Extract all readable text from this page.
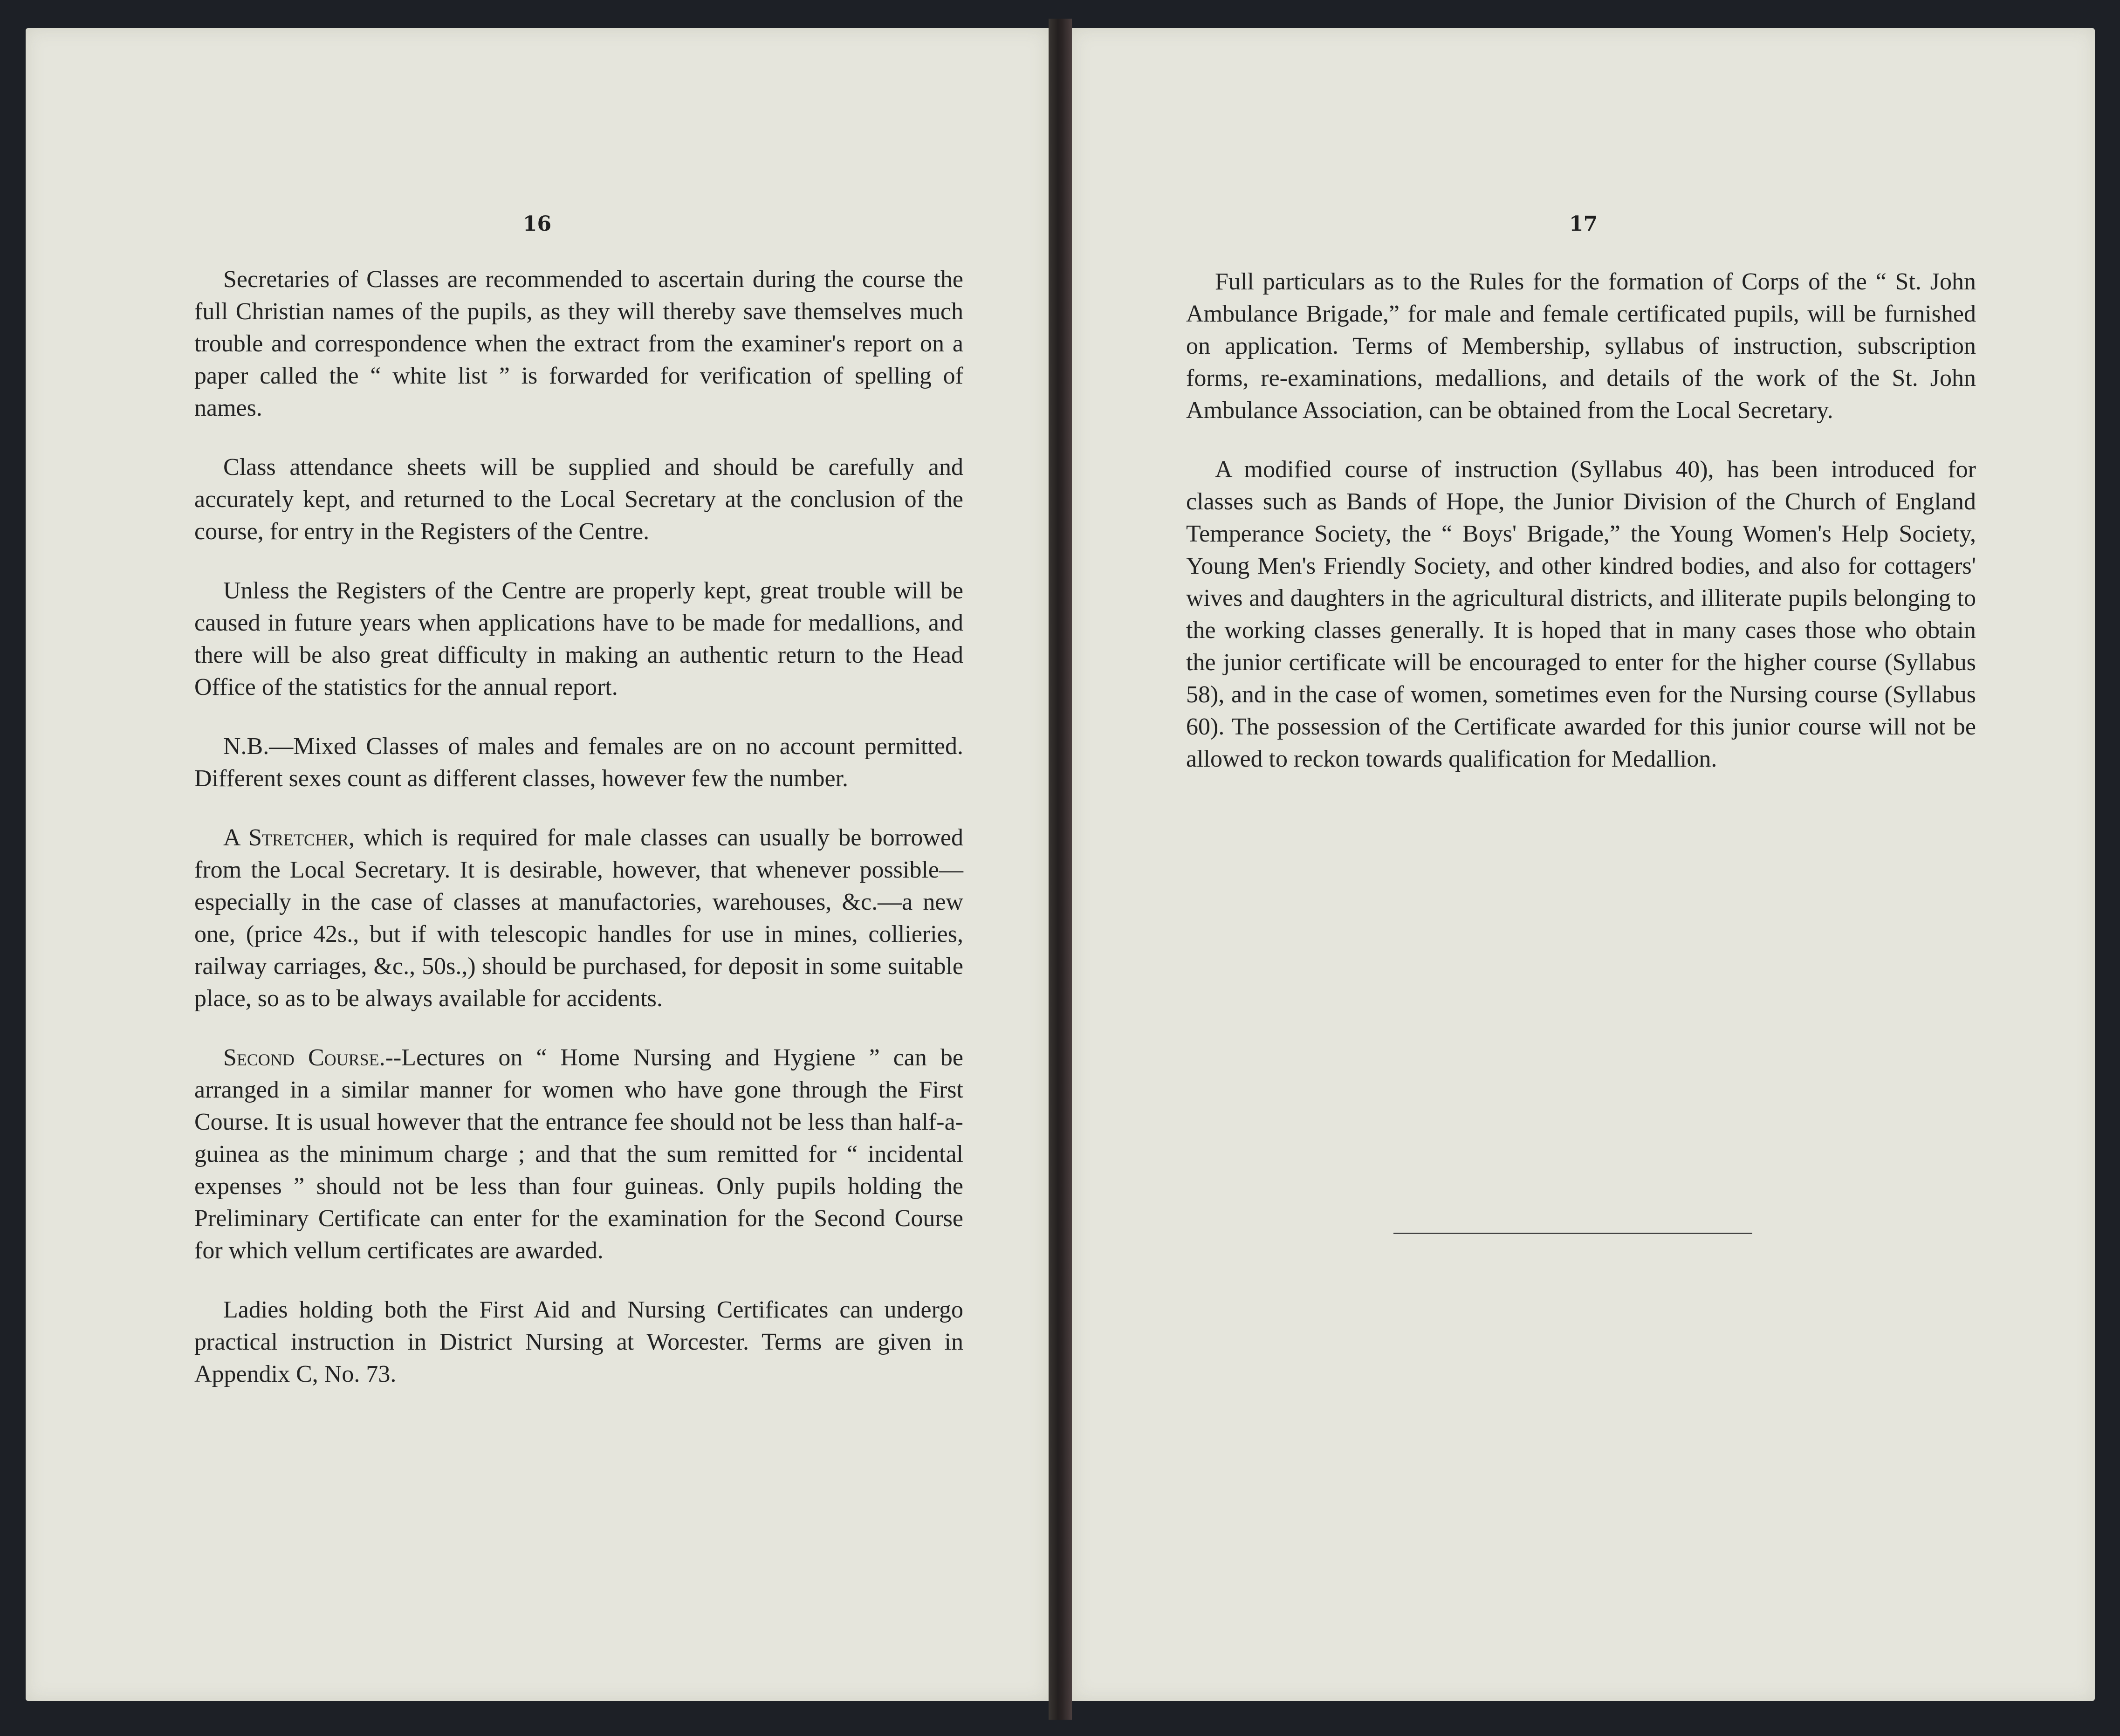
16

Secretaries of Classes are recommended to ascertain during the course the full Christian names of the pupils, as they will thereby save themselves much trouble and correspondence when the extract from the examiner's report on a paper called the “ white list ” is forwarded for verification of spelling of names.

Class attendance sheets will be supplied and should be carefully and accurately kept, and returned to the Local Secretary at the conclusion of the course, for entry in the Registers of the Centre.

Unless the Registers of the Centre are properly kept, great trouble will be caused in future years when applications have to be made for medallions, and there will be also great difficulty in making an authentic return to the Head Office of the statistics for the annual report.

N.B.—Mixed Classes of males and females are on no account permitted. Different sexes count as different classes, however few the number.

A Stretcher, which is required for male classes can usually be borrowed from the Local Secretary. It is desirable, however, that whenever possible—especially in the case of classes at manufactories, warehouses, &c.—a new one, (price 42s., but if with telescopic handles for use in mines, collieries, railway carriages, &c., 50s.,) should be purchased, for deposit in some suitable place, so as to be always available for accidents.

Second Course.--Lectures on “ Home Nursing and Hygiene ” can be arranged in a similar manner for women who have gone through the First Course. It is usual however that the entrance fee should not be less than half-a-guinea as the minimum charge ; and that the sum remitted for “ incidental expenses ” should not be less than four guineas. Only pupils holding the Preliminary Certificate can enter for the examination for the Second Course for which vellum certificates are awarded.

Ladies holding both the First Aid and Nursing Certificates can undergo practical instruction in District Nursing at Worcester. Terms are given in Appendix C, No. 73.

17

Full particulars as to the Rules for the formation of Corps of the “ St. John Ambulance Brigade,” for male and female certificated pupils, will be furnished on application. Terms of Membership, syllabus of instruction, subscription forms, re-examinations, medallions, and details of the work of the St. John Ambulance Association, can be obtained from the Local Secretary.

A modified course of instruction (Syllabus 40), has been introduced for classes such as Bands of Hope, the Junior Division of the Church of England Temperance Society, the “ Boys' Brigade,” the Young Women's Help Society, Young Men's Friendly Society, and other kindred bodies, and also for cottagers' wives and daughters in the agricultural districts, and illiterate pupils belonging to the working classes generally. It is hoped that in many cases those who obtain the junior certificate will be encouraged to enter for the higher course (Syllabus 58), and in the case of women, sometimes even for the Nursing course (Syllabus 60). The possession of the Certificate awarded for this junior course will not be allowed to reckon towards qualification for Medallion.
